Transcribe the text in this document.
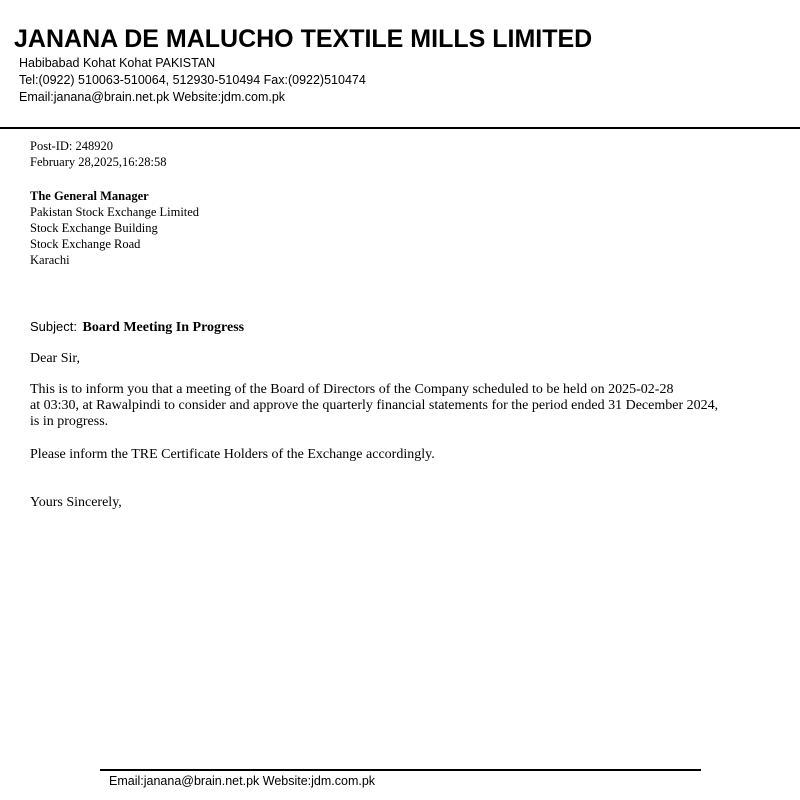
JANANA DE MALUCHO TEXTILE MILLS LIMITED
Habibabad Kohat Kohat PAKISTAN
Tel:(0922) 510063-510064, 512930-510494 Fax:(0922)510474
Email:janana@brain.net.pk Website:jdm.com.pk
Post-ID: 248920
February 28,2025,16:28:58
The General Manager
Pakistan Stock Exchange Limited
Stock Exchange Building
Stock Exchange Road
Karachi
Subject: Board Meeting In Progress
Dear Sir,
This is to inform you that a meeting of the Board of Directors of the Company scheduled to be held on 2025-02-28
at 03:30, at Rawalpindi to consider and approve the quarterly financial statements for the period ended 31 December 2024,
is in progress.
Please inform the TRE Certificate Holders of the Exchange accordingly.
Yours Sincerely,
Email:janana@brain.net.pk Website:jdm.com.pk
